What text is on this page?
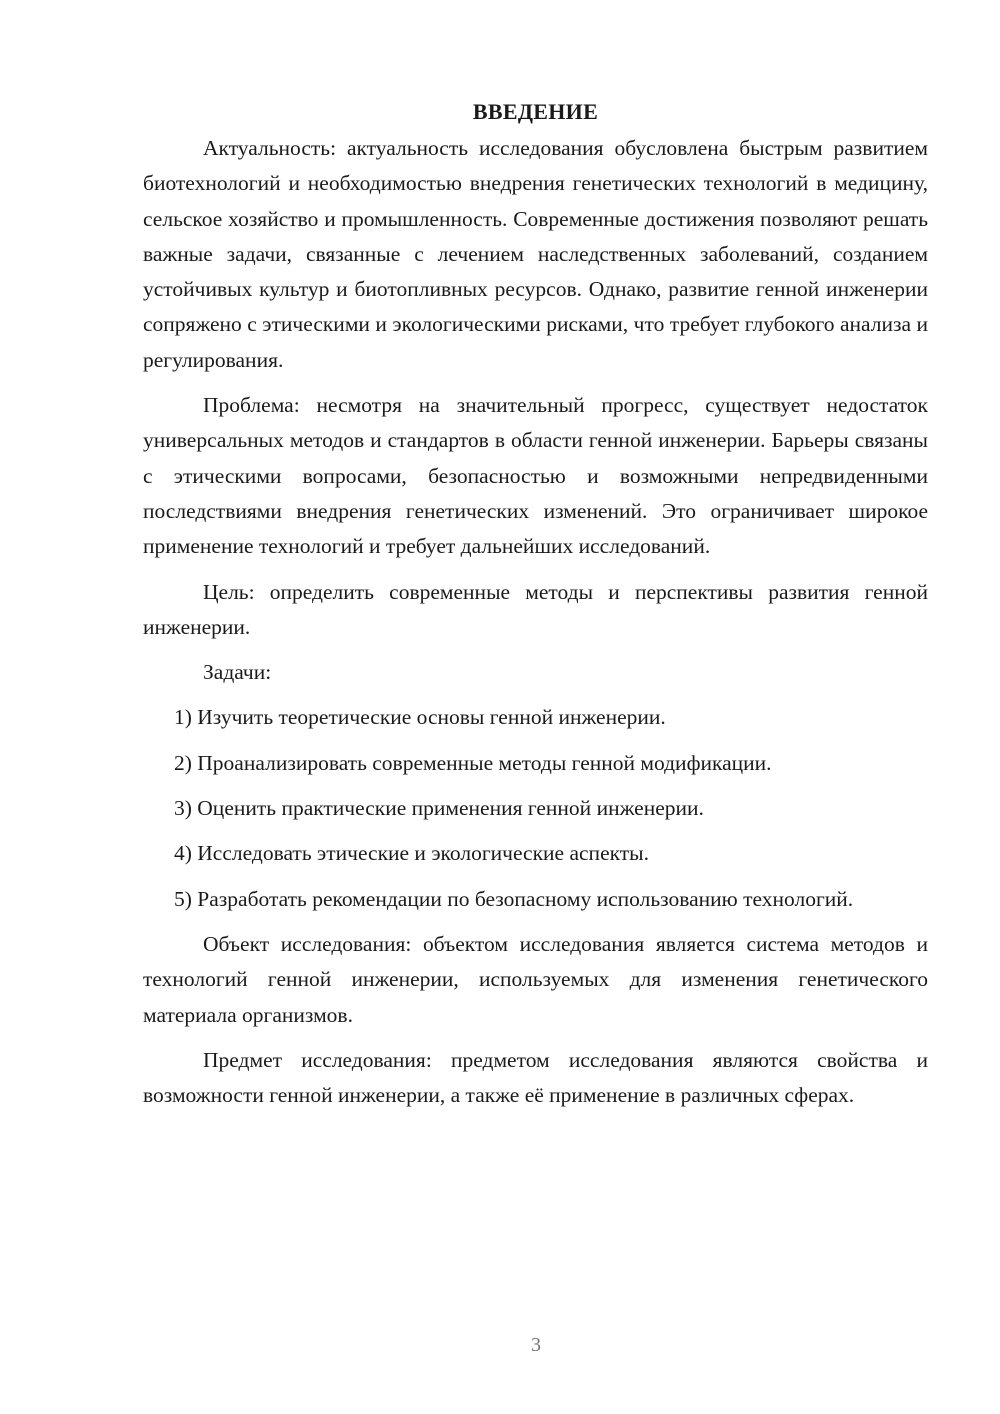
ВВЕДЕНИЕ

Актуальность: актуальность исследования обусловлена быстрым развитием биотехнологий и необходимостью внедрения генетических технологий в медицину, сельское хозяйство и промышленность. Современные достижения позволяют решать важные задачи, связанные с лечением наследственных заболеваний, созданием устойчивых культур и биотопливных ресурсов. Однако, развитие генной инженерии сопряжено с этическими и экологическими рисками, что требует глубокого анализа и регулирования.

Проблема: несмотря на значительный прогресс, существует недостаток универсальных методов и стандартов в области генной инженерии. Барьеры связаны с этическими вопросами, безопасностью и возможными непредвиденными последствиями внедрения генетических изменений. Это ограничивает широкое применение технологий и требует дальнейших исследований.

Цель: определить современные методы и перспективы развития генной инженерии.

Задачи:

1) Изучить теоретические основы генной инженерии.

2) Проанализировать современные методы генной модификации.

3) Оценить практические применения генной инженерии.

4) Исследовать этические и экологические аспекты.

5) Разработать рекомендации по безопасному использованию технологий.

Объект исследования: объектом исследования является система методов и технологий генной инженерии, используемых для изменения генетического материала организмов.

Предмет исследования: предметом исследования являются свойства и возможности генной инженерии, а также её применение в различных сферах.

3
